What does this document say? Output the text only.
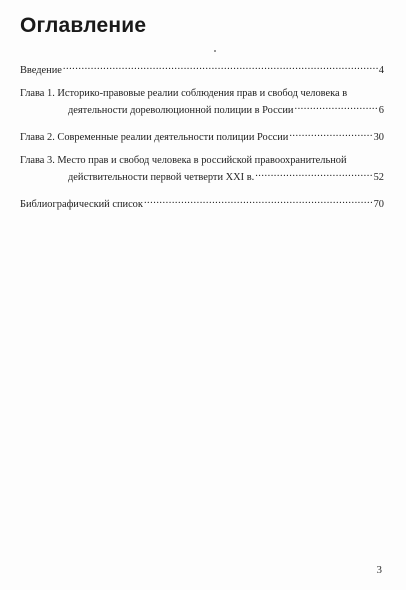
Оглавление
Введение .....	4
Глава 1. Историко-правовые реалии соблюдения прав и свобод человека в
деятельности дореволюционной полиции в России .....	6
Глава 2. Современные реалии деятельности полиции России .....	30
Глава 3. Место прав и свобод человека в российской правоохранительной
действительности первой четверти XXI в. .....	52
Библиографический список .....	70
3
